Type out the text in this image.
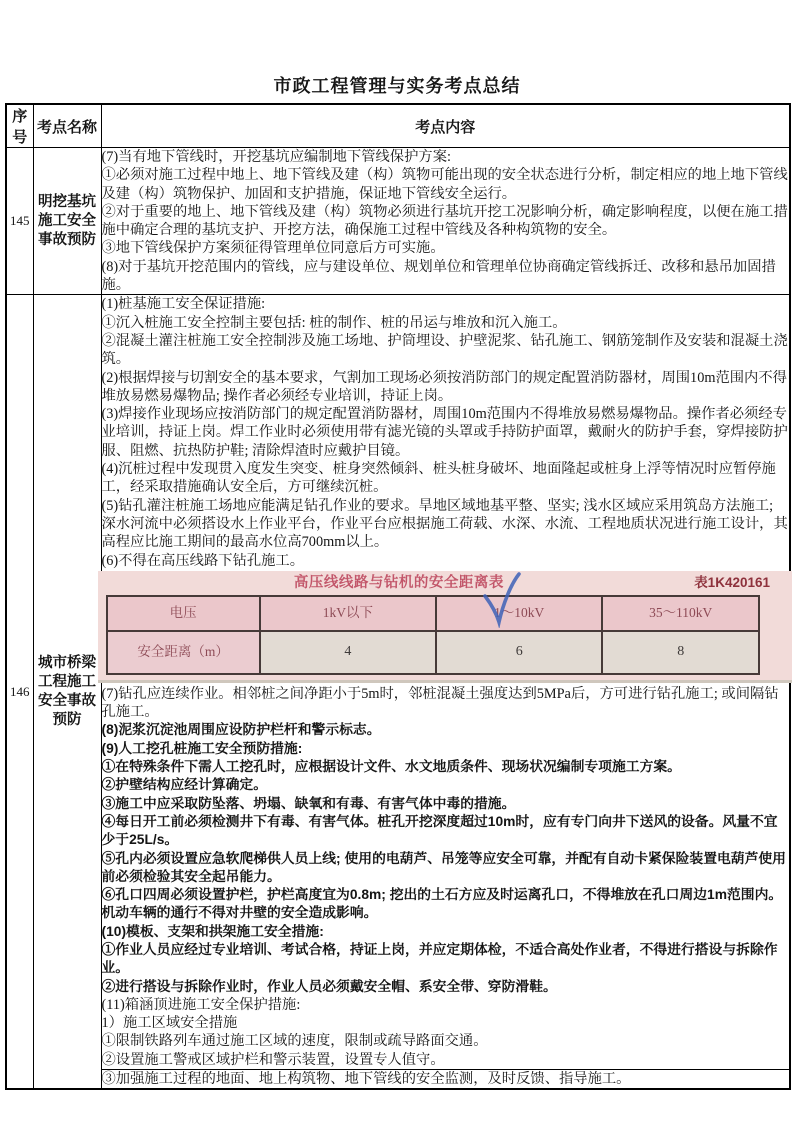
市政工程管理与实务考点总结
序号	考点名称	考点内容
145	明挖基坑施工安全事故预防	
(7)当有地下管线时，开挖基坑应编制地下管线保护方案:
①必须对施工过程中地上、地下管线及建（构）筑物可能出现的安全状态进行分析，制定相应的地上地下管线及建（构）筑物保护、加固和支护措施，保证地下管线安全运行。
②对于重要的地上、地下管线及建（构）筑物必须进行基坑开挖工况影响分析，确定影响程度，以便在施工措施中确定合理的基坑支护、开挖方法，确保施工过程中管线及各种构筑物的安全。
③地下管线保护方案须征得管理单位同意后方可实施。
(8)对于基坑开挖范围内的管线，应与建设单位、规划单位和管理单位协商确定管线拆迁、改移和悬吊加固措施。

146	城市桥梁工程施工安全事故预防	
(1)桩基施工安全保证措施:
①沉入桩施工安全控制主要包括: 桩的制作、桩的吊运与堆放和沉入施工。
②混凝土灌注桩施工安全控制涉及施工场地、护筒埋设、护壁泥浆、钻孔施工、钢筋笼制作及安装和混凝土浇筑。
(2)根据焊接与切割安全的基本要求，气割加工现场必须按消防部门的规定配置消防器材，周围10m范围内不得堆放易燃易爆物品; 操作者必须经专业培训，持证上岗。
(3)焊接作业现场应按消防部门的规定配置消防器材，周围10m范围内不得堆放易燃易爆物品。操作者必须经专业培训，持证上岗。焊工作业时必须使用带有滤光镜的头罩或手持防护面罩，戴耐火的防护手套，穿焊接防护服、阻燃、抗热防护鞋; 清除焊渣时应戴护目镜。
(4)沉桩过程中发现贯入度发生突变、桩身突然倾斜、桩头桩身破坏、地面隆起或桩身上浮等情况时应暂停施工，经采取措施确认安全后，方可继续沉桩。
(5)钻孔灌注桩施工场地应能满足钻孔作业的要求。旱地区域地基平整、坚实; 浅水区域应采用筑岛方法施工; 深水河流中必须搭设水上作业平台，作业平台应根据施工荷载、水深、水流、工程地质状况进行施工设计，其高程应比施工期间的最高水位高700mm以上。
(6)不得在高压线路下钻孔施工。
高压线线路与钻机的安全距离表	表1K420161
电压	1kV以下	1～10kV	35～110kV
安全距离（m）	4	6	8
(7)钻孔应连续作业。相邻桩之间净距小于5m时，邻桩混凝土强度达到5MPa后，方可进行钻孔施工; 或间隔钻孔施工。
(8)泥浆沉淀池周围应设防护栏杆和警示标志。
(9)人工挖孔桩施工安全预防措施:
①在特殊条件下需人工挖孔时，应根据设计文件、水文地质条件、现场状况编制专项施工方案。
②护壁结构应经计算确定。
③施工中应采取防坠落、坍塌、缺氧和有毒、有害气体中毒的措施。
④每日开工前必须检测井下有毒、有害气体。桩孔开挖深度超过10m时，应有专门向井下送风的设备。风量不宜少于25L/s。
⑤孔内必须设置应急软爬梯供人员上线; 使用的电葫芦、吊笼等应安全可靠，并配有自动卡紧保险装置电葫芦使用前必须检验其安全起吊能力。
⑥孔口四周必须设置护栏，护栏高度宜为0.8m; 挖出的土石方应及时运离孔口，不得堆放在孔口周边1m范围内。机动车辆的通行不得对井壁的安全造成影响。
(10)模板、支架和拱架施工安全措施:
①作业人员应经过专业培训、考试合格，持证上岗，并应定期体检，不适合高处作业者，不得进行搭设与拆除作业。
②进行搭设与拆除作业时，作业人员必须戴安全帽、系安全带、穿防滑鞋。
(11)箱涵顶进施工安全保护措施:
1）施工区域安全措施
①限制铁路列车通过施工区域的速度，限制或疏导路面交通。
②设置施工警戒区域护栏和警示装置，设置专人值守。

③加强施工过程的地面、地上构筑物、地下管线的安全监测，及时反馈、指导施工。
